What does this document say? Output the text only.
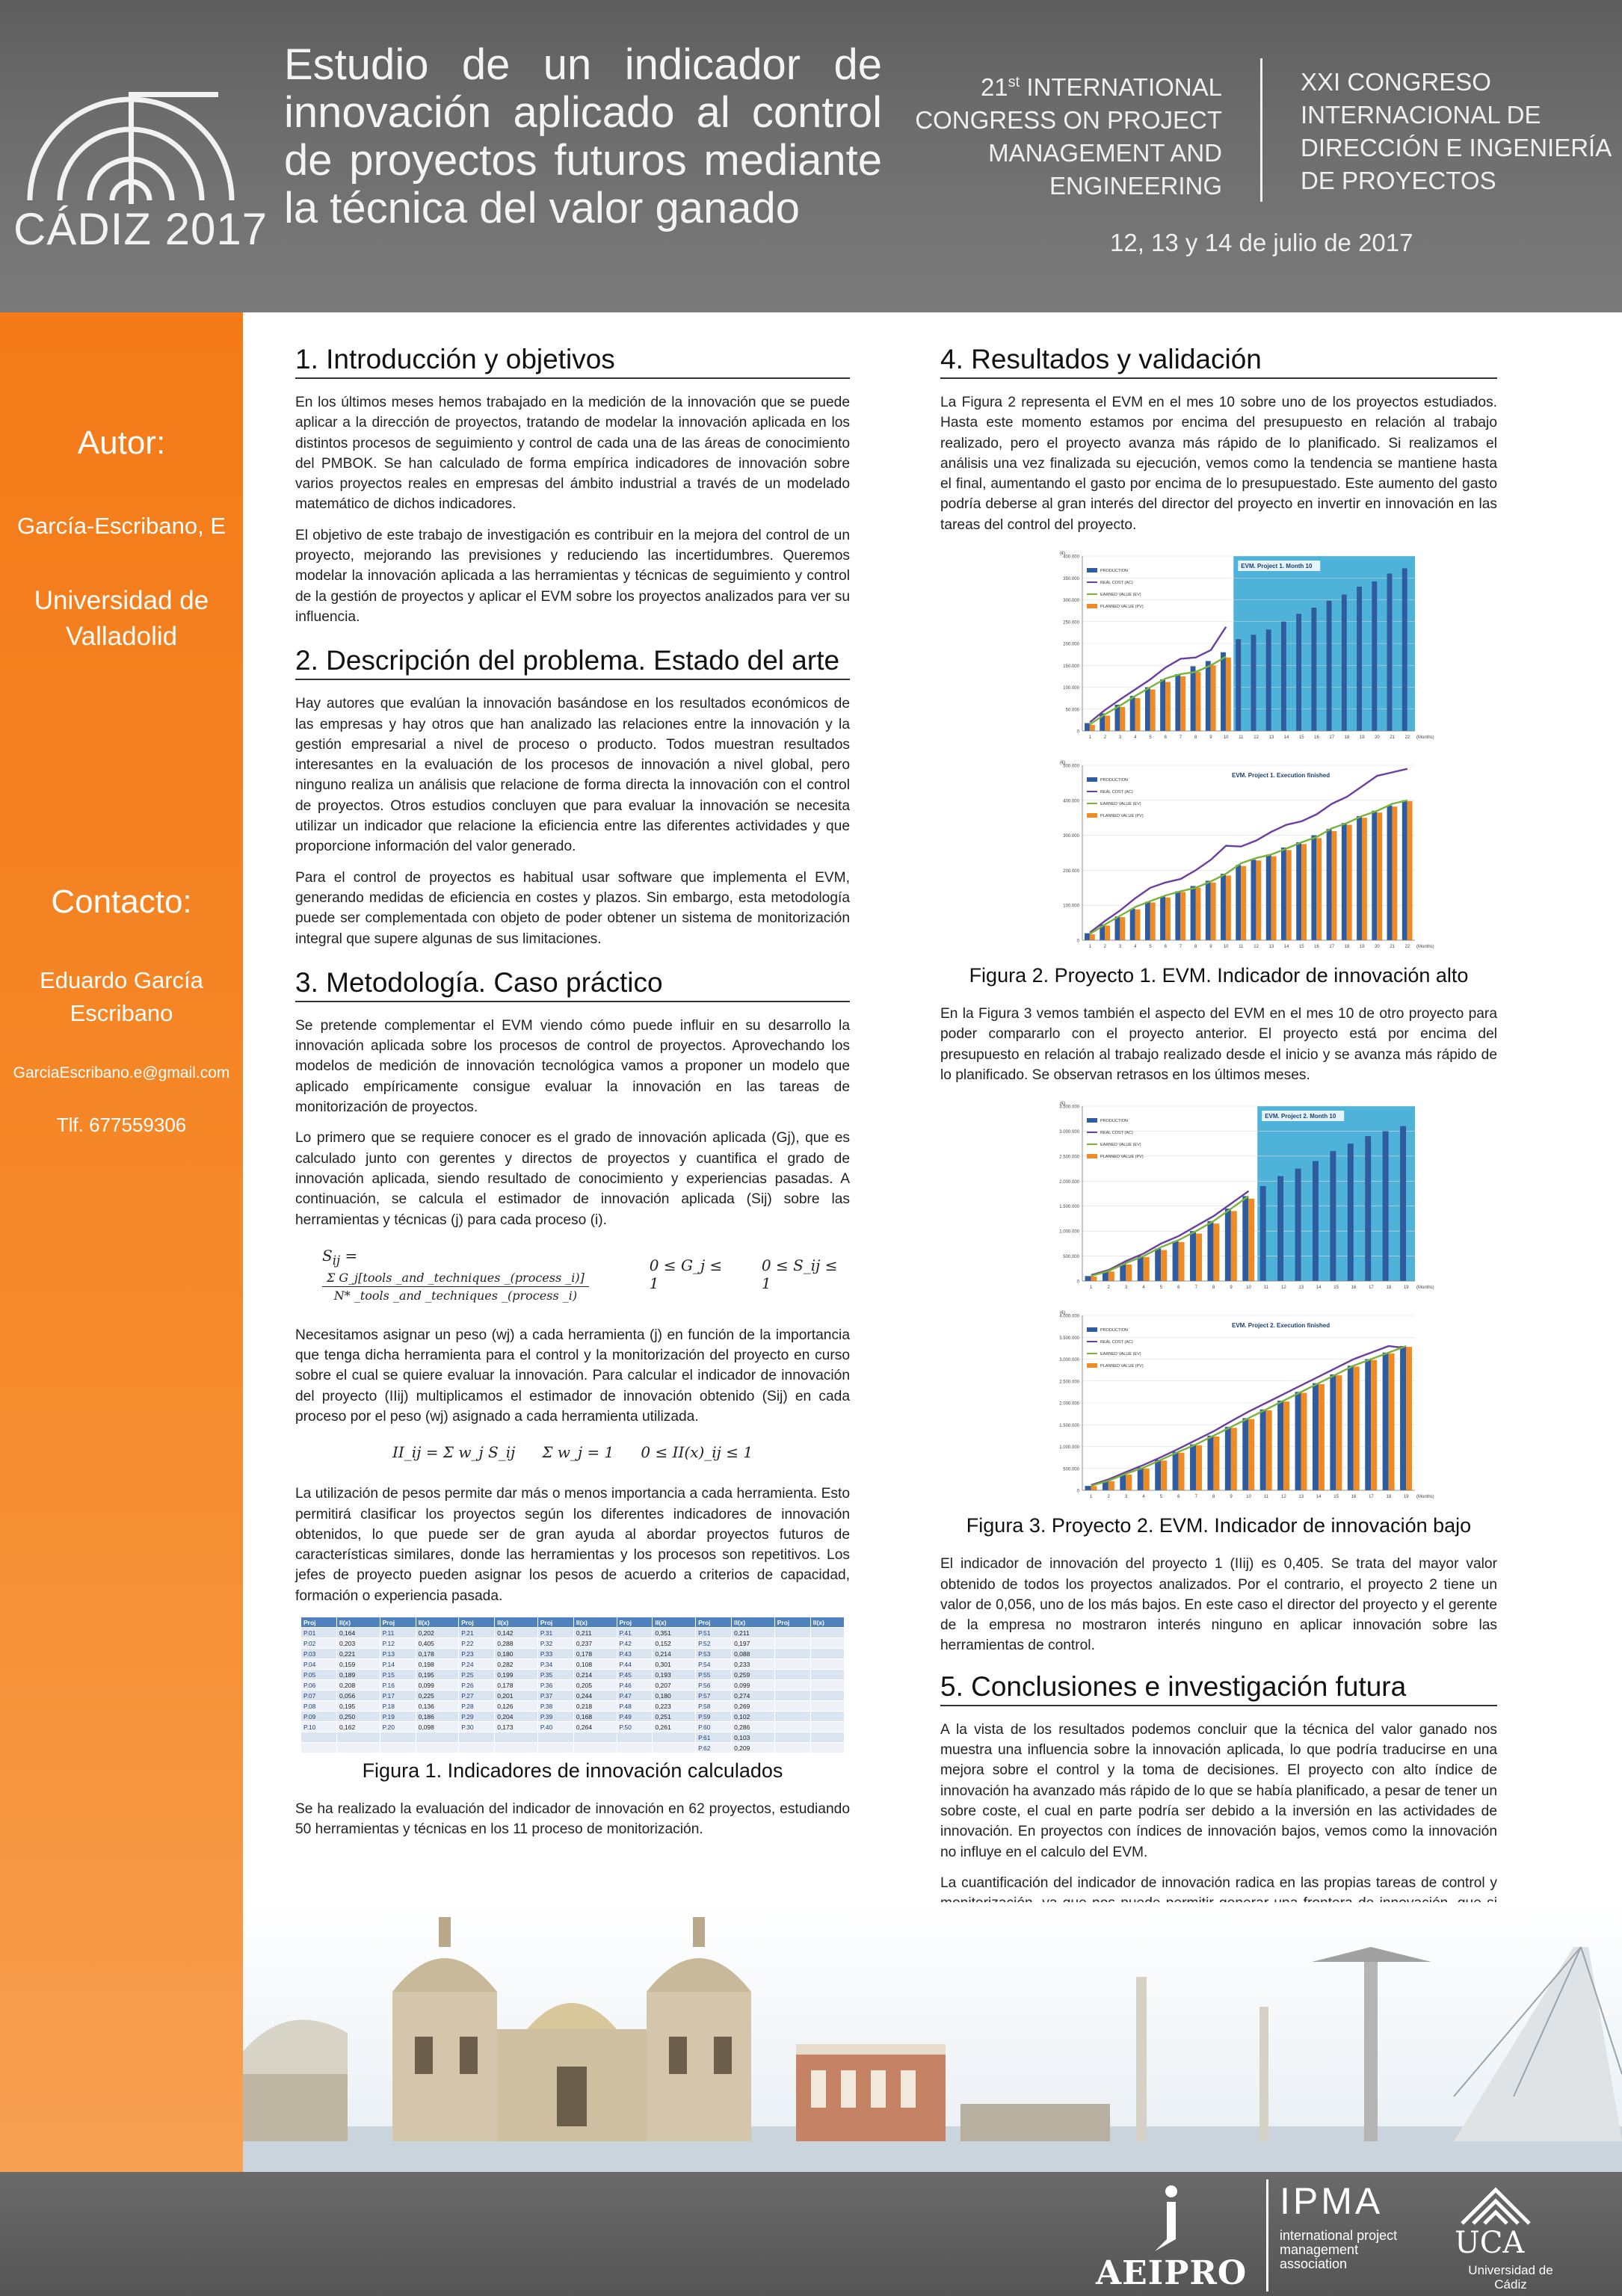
CÁDIZ 2017
Estudio de un indicador de innovación aplicado al control de proyectos futuros mediante la técnica del valor ganado
21st INTERNATIONAL CONGRESS ON PROJECT MANAGEMENT AND ENGINEERING
XXI CONGRESO INTERNACIONAL DE DIRECCIÓN E INGENIERÍA DE PROYECTOS
12, 13 y 14 de julio de 2017
Autor:
García-Escribano, E
Universidad de Valladolid
Contacto:
Eduardo García Escribano
GarciaEscribano.e@gmail.com
Tlf. 677559306
1. Introducción y objetivos

En los últimos meses hemos trabajado en la medición de la innovación que se puede aplicar a la dirección de proyectos, tratando de modelar la innovación aplicada en los distintos procesos de seguimiento y control de cada una de las áreas de conocimiento del PMBOK. Se han calculado de forma empírica indicadores de innovación sobre varios proyectos reales en empresas del ámbito industrial a través de un modelado matemático de dichos indicadores.

El objetivo de este trabajo de investigación es contribuir en la mejora del control de un proyecto, mejorando las previsiones y reduciendo las incertidumbres. Queremos modelar la innovación aplicada a las herramientas y técnicas de seguimiento y control de la gestión de proyectos y aplicar el EVM sobre los proyectos analizados para ver su influencia.

2. Descripción del problema. Estado del arte

Hay autores que evalúan la innovación basándose en los resultados económicos de las empresas y hay otros que han analizado las relaciones entre la innovación y la gestión empresarial a nivel de proceso o producto. Todos muestran resultados interesantes en la evaluación de los procesos de innovación a nivel global, pero ninguno realiza un análisis que relacione de forma directa la innovación con el control de proyectos. Otros estudios concluyen que para evaluar la innovación se necesita utilizar un indicador que relacione la eficiencia entre las diferentes actividades y que proporcione información del valor generado.

Para el control de proyectos es habitual usar software que implementa el EVM, generando medidas de eficiencia en costes y plazos. Sin embargo, esta metodología puede ser complementada con objeto de poder obtener un sistema de monitorización integral que supere algunas de sus limitaciones.

3. Metodología. Caso práctico

Se pretende complementar el EVM viendo cómo puede influir en su desarrollo la innovación aplicada sobre los procesos de control de proyectos. Aprovechando los modelos de medición de innovación tecnológica vamos a proponer un modelo que aplicado empíricamente consigue evaluar la innovación en las tareas de monitorización de proyectos.

Lo primero que se requiere conocer es el grado de innovación aplicada (Gj), que es calculado junto con gerentes y directos de proyectos y cuantifica el grado de innovación aplicada, siendo resultado de conocimiento y experiencias pasadas. A continuación, se calcula el estimador de innovación aplicada (Sij) sobre las herramientas y técnicas (j) para cada proceso (i).

$S_{ij}$ =
$\frac{\text{Σ G\_j[tools \_and \_techniques \_(process \_i)]}}{\text{N* \_tools \_and \_techniques \_(process \_i)}}$
0 ≤ G_j ≤ 1
0 ≤ S_ij ≤ 1

Necesitamos asignar un peso (wj) a cada herramienta (j) en función de la importancia que tenga dicha herramienta para el control y la monitorización del proyecto en curso sobre el cual se quiere evaluar la innovación. Para calcular el indicador de innovación del proyecto (IIij) multiplicamos el estimador de innovación obtenido (Sij) en cada proceso por el peso (wj) asignado a cada herramienta utilizada.

II_ij = Σ w_j S_ij Σ w_j = 1 0 ≤ II(x)_ij ≤ 1

La utilización de pesos permite dar más o menos importancia a cada herramienta. Esto permitirá clasificar los proyectos según los diferentes indicadores de innovación obtenidos, lo que puede ser de gran ayuda al abordar proyectos futuros de características similares, donde las herramientas y los procesos son repetitivos. Los jefes de proyecto pueden asignar los pesos de acuerdo a criterios de capacidad, formación o experiencia pasada.

Proj	II(x)	Proj	II(x)	Proj	II(x)	Proj	II(x)	Proj	II(x)	Proj	II(x)	Proj	II(x)
P.01	0,164	P.11	0,202	P.21	0,142	P.31	0,211	P.41	0,351	P.51	0,211		
P.02	0,203	P.12	0,405	P.22	0,288	P.32	0,237	P.42	0,152	P.52	0,197		
P.03	0,221	P.13	0,178	P.23	0,180	P.33	0,178	P.43	0,214	P.53	0,088		
P.04	0,159	P.14	0,198	P.24	0,282	P.34	0,108	P.44	0,301	P.54	0,233		
P.05	0,189	P.15	0,195	P.25	0,199	P.35	0,214	P.45	0,193	P.55	0,259		
P.06	0,208	P.16	0,099	P.26	0,178	P.36	0,205	P.46	0,207	P.56	0,099		
P.07	0,056	P.17	0,225	P.27	0,201	P.37	0,244	P.47	0,180	P.57	0,274		
P.08	0,195	P.18	0,136	P.28	0,126	P.38	0,218	P.48	0,223	P.58	0,269		
P.09	0,250	P.19	0,186	P.29	0,204	P.39	0,168	P.49	0,251	P.59	0,102		
P.10	0,162	P.20	0,098	P.30	0,173	P.40	0,264	P.50	0,261	P.60	0,286		
										P.61	0,103		
										P.62	0,209		
Figura 1. Indicadores de innovación calculados

Se ha realizado la evaluación del indicador de innovación en 62 proyectos, estudiando 50 herramientas y técnicas en los 11 proceso de monitorización.

4. Resultados y validación

La Figura 2 representa el EVM en el mes 10 sobre uno de los proyectos estudiados. Hasta este momento estamos por encima del presupuesto en relación al trabajo realizado, pero el proyecto avanza más rápido de lo planificado. Si realizamos el análisis una vez finalizada su ejecución, vemos como la tendencia se mantiene hasta el final, aumentando el gasto por encima de lo presupuestado. Este aumento del gasto podría deberse al gran interés del director del proyecto en invertir en innovación en las tareas del control del proyecto.

0
50.000
100.000
150.000
200.000
250.000
300.000
350.000
400.000
(€)
(Months)
1	2	3	4	5	6	7	8	9	10 11 12 13 14 15 16 17 18 19 20 21 22
EVM. Project 1. Month 10
PRODUCTION
REAL COST (AC)
EARNED VALUE (EV)
PLANNED VALUE (PV)
0
100.000
200.000
300.000
400.000
500.000
(€)
(Months)
1	2	3	4	5	6	7	8	9	10 11 12 13 14 15 16 17 18 19 20 21 22
EVM. Project 1. Execution finished
PRODUCTION
REAL COST (AC)
EARNED VALUE (EV)
PLANNED VALUE (PV)
Figura 2. Proyecto 1. EVM. Indicador de innovación alto

En la Figura 3 vemos también el aspecto del EVM en el mes 10 de otro proyecto para poder compararlo con el proyecto anterior. El proyecto está por encima del presupuesto en relación al trabajo realizado desde el inicio y se avanza más rápido de lo planificado. Se observan retrasos en los últimos meses.

0
500.000
1.000.000
1.500.000
2.000.000
2.500.000
3.000.000
3.500.000
(€)
(Months)
1	2	3	4	5	6	7	8	9	10	11	12	13	14	15	16	17	18	19
EVM. Project 2. Month 10
PRODUCTION
REAL COST (AC)
EARNED VALUE (EV)
PLANNED VALUE (PV)
0
500.000
1.000.000
1.500.000
2.000.000
2.500.000
3.000.000
3.500.000
4.000.000
(€)
(Months)
1	2	3	4	5	6	7	8	9	10	11	12	13	14	15	16	17	18	19
EVM. Project 2. Execution finished
PRODUCTION
REAL COST (AC)
EARNED VALUE (EV)
PLANNED VALUE (PV)
Figura 3. Proyecto 2. EVM. Indicador de innovación bajo

El indicador de innovación del proyecto 1 (IIij) es 0,405. Se trata del mayor valor obtenido de todos los proyectos analizados. Por el contrario, el proyecto 2 tiene un valor de 0,056, uno de los más bajos. En este caso el director del proyecto y el gerente de la empresa no mostraron interés ninguno en aplicar innovación sobre las herramientas de control.

5. Conclusiones e investigación futura

A la vista de los resultados podemos concluir que la técnica del valor ganado nos muestra una influencia sobre la innovación aplicada, lo que podría traducirse en una mejora sobre el control y la toma de decisiones. El proyecto con alto índice de innovación ha avanzado más rápido de lo que se había planificado, a pesar de tener un sobre coste, el cual en parte podría ser debido a la inversión en las actividades de innovación. En proyectos con índices de innovación bajos, vemos como la innovación no influye en el calculo del EVM.

La cuantificación del indicador de innovación radica en las propias tareas de control y

AEIPRO
IPMA
international project management association
UCA
Universidad de Cádiz
